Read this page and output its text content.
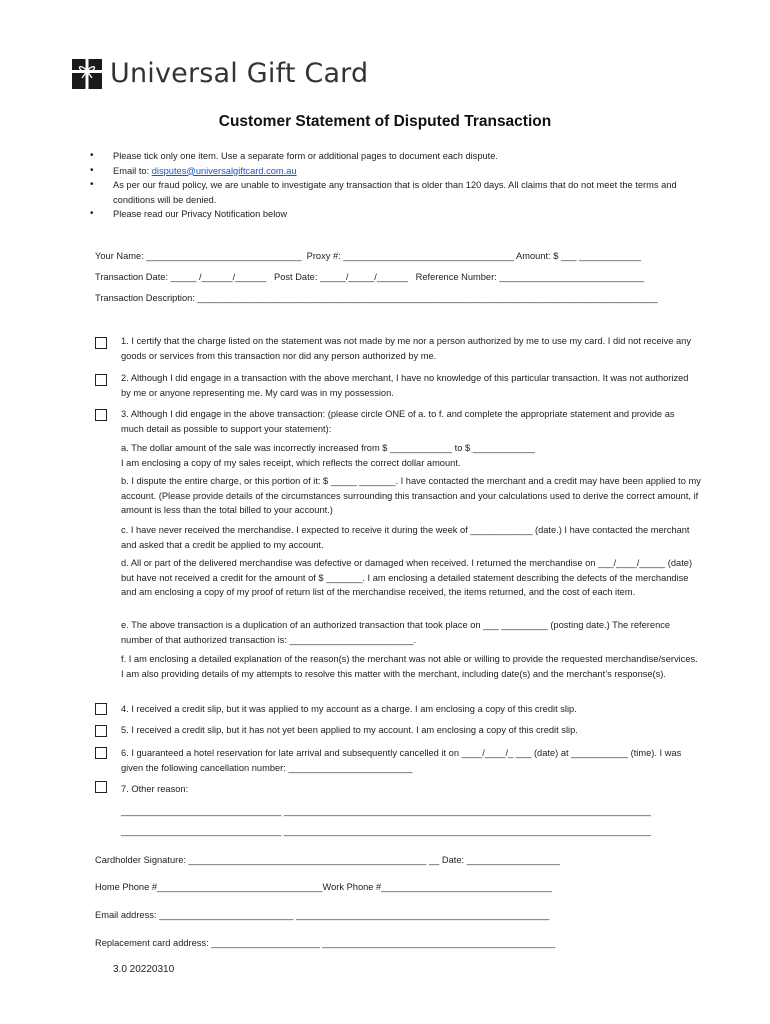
Universal Gift Card
Customer Statement of Disputed Transaction
• Please tick only one item. Use a separate form or additional pages to document each dispute.
• Email to: disputes@universalgiftcard.com.au
• As per our fraud policy, we are unable to investigate any transaction that is older than 120 days. All claims that do not meet the terms and conditions will be denied.
• Please read our Privacy Notification below
Your Name: ______________________________  Proxy #: _________________________________ Amount: $ ___ ____________
Transaction Date: _____ /______/______   Post Date: _____/_____/______   Reference Number: ____________________________
Transaction Description: _________________________________________________________________________________________
1. I certify that the charge listed on the statement was not made by me nor a person authorized by me to use my card. I did not receive any goods or services from this transaction nor did any person authorized by me.
2. Although I did engage in a transaction with the above merchant, I have no knowledge of this particular transaction. It was not authorized by me or anyone representing me. My card was in my possession.
3. Although I did engage in the above transaction: (please circle ONE of a. to f. and complete the appropriate statement and provide as much detail as possible to support your statement):
a. The dollar amount of the sale was incorrectly increased from $ ____________ to $ ____________
I am enclosing a copy of my sales receipt, which reflects the correct dollar amount.
b. I dispute the entire charge, or this portion of it: $ _____ _______. I have contacted the merchant and a credit may have been applied to my account. (Please provide details of the circumstances surrounding this transaction and your calculations used to derive the correct amount, if amount is less than the total billed to your account.)
c. I have never received the merchandise. I expected to receive it during the week of ____________ (date.) I have contacted the merchant and asked that a credit be applied to my account.
d. All or part of the delivered merchandise was defective or damaged when received. I returned the merchandise on ___/____/_____ (date) but have not received a credit for the amount of $ _______. I am enclosing a detailed statement describing the defects of the merchandise and am enclosing a copy of my proof of return list of the merchandise received, the items returned, and the cost of each item.
e. The above transaction is a duplication of an authorized transaction that took place on ___ _________ (posting date.) The reference number of that authorized transaction is: ________________________.
f. I am enclosing a detailed explanation of the reason(s) the merchant was not able or willing to provide the requested merchandise/services. I am also providing details of my attempts to resolve this matter with the merchant, including date(s) and the merchant’s response(s).
4. I received a credit slip, but it was applied to my account as a charge. I am enclosing a copy of this credit slip.
5. I received a credit slip, but it has not yet been applied to my account. I am enclosing a copy of this credit slip.
6. I guaranteed a hotel reservation for late arrival and subsequently cancelled it on ____/____/_ ___ (date) at ___________ (time). I was given the following cancellation number: ________________________
7. Other reason:
_______________________________ _______________________________________________________________________
_______________________________ _______________________________________________________________________
Cardholder Signature: ______________________________________________ __ Date: __________________
Home Phone #________________________________Work Phone #_________________________________
Email address: __________________________ _________________________________________________
Replacement card address: _____________________ _____________________________________________
3.0 20220310
